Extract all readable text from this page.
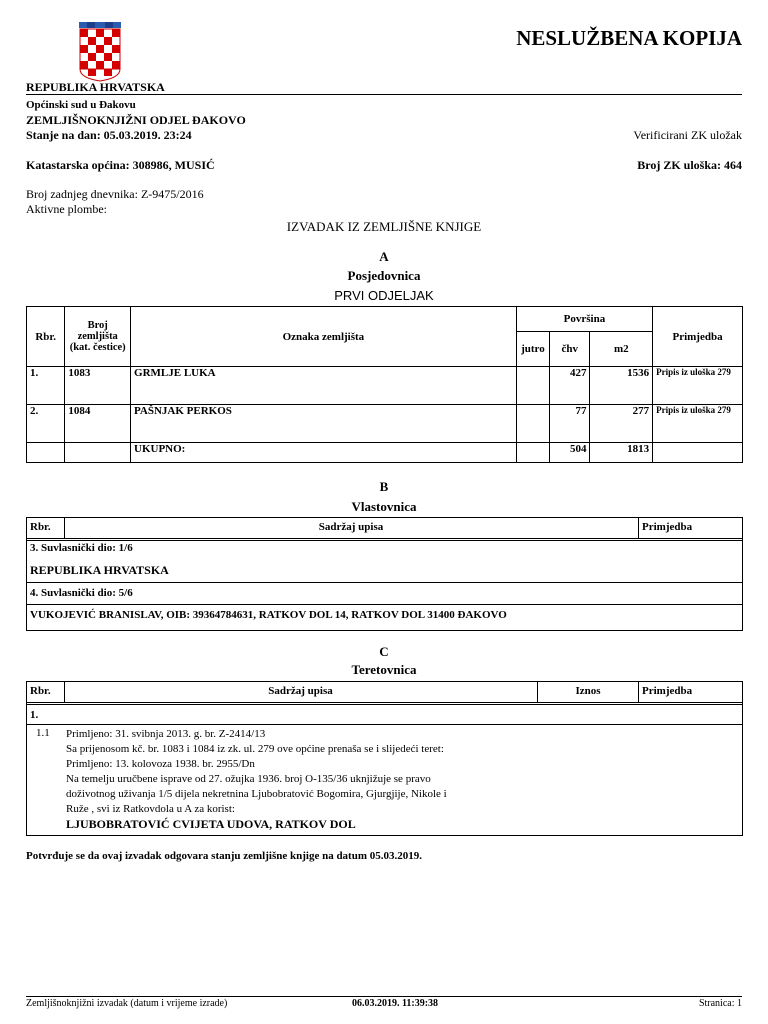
NESLUŽBENA KOPIJA
REPUBLIKA HRVATSKA
Općinski sud u Đakovu
ZEMLJIŠNOKNJIŽNI ODJEL ĐAKOVO
Stanje na dan: 05.03.2019. 23:24	Verificirani ZK uložak
Katastarska općina: 308986, MUSIĆ	Broj ZK uloška: 464
Broj zadnjeg dnevnika: Z-9475/2016
Aktivne plombe:
IZVADAK IZ ZEMLJIŠNE KNJIGE
A
Posjedovnica
PRVI ODJELJAK
Rbr.	Broj zemljišta (kat. čestice)	Oznaka zemljišta	Površina			Primjedba
			jutro	čhv	m2	
1.	1083	GRMLJE LUKA		427	1536	Pripis iz uloška 279
2.	1084	PAŠNJAK PERKOS		77	277	Pripis iz uloška 279
		UKUPNO:		504	1813	
B
Vlastovnica
Rbr.	Sadržaj upisa	Primjedba
3. Suvlasnički dio: 1/6
REPUBLIKA HRVATSKA
4. Suvlasnički dio: 5/6
VUKOJEVIĆ BRANISLAV, OIB: 39364784631, RATKOV DOL 14, RATKOV DOL 31400 ĐAKOVO
C
Teretovnica
Rbr.	Sadržaj upisa	Iznos	Primjedba
1.
1.1 Primljeno: 31. svibnja 2013. g. br. Z-2414/13
Sa prijenosom kč. br. 1083 i 1084 iz zk. ul. 279 ove općine prenaša se i slijedeći teret:
Primljeno: 13. kolovoza 1938. br. 2955/Dn
Na temelju uručbene isprave od 27. ožujka 1936. broj O-135/36 uknjižuje se pravo
doživotnog uživanja 1/5 dijela nekretnina Ljubobratović Bogomira, Gjurgjije, Nikole i
Ruže , svi iz Ratkovdola u A za korist:
LJUBOBRATOVIĆ CVIJETA UDOVA, RATKOV DOL
Potvrđuje se da ovaj izvadak odgovara stanju zemljišne knjige na datum 05.03.2019.
Zemljišnoknjižni izvadak (datum i vrijeme izrade)	06.03.2019. 11:39:38	Stranica: 1
